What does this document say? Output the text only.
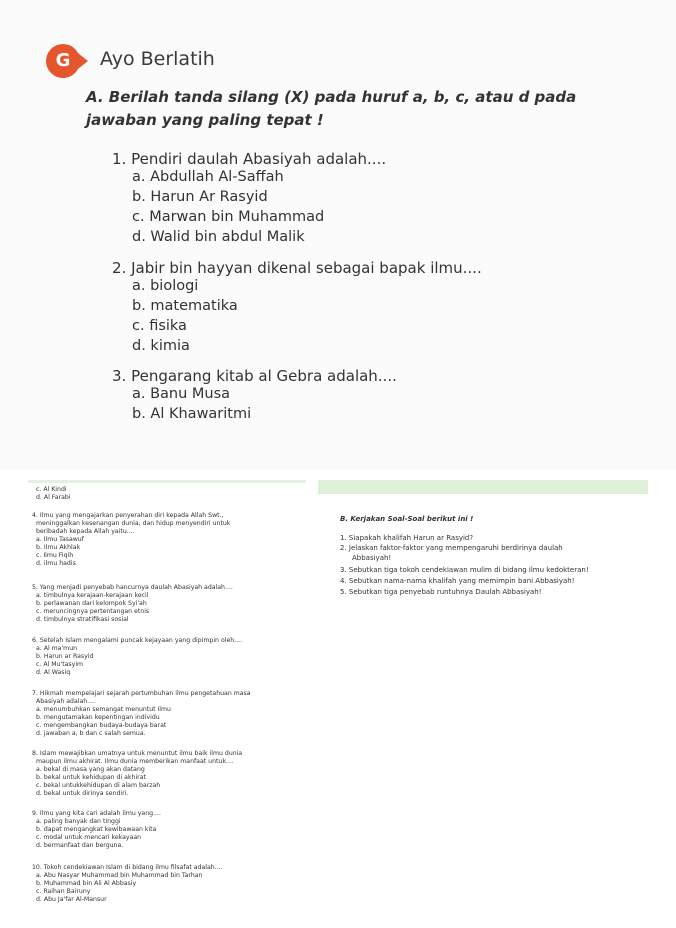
G	Ayo Berlatih
A. Berilah tanda silang (X) pada huruf a, b, c, atau d pada jawaban yang paling tepat !
1. Pendiri daulah Abasiyah adalah....
a. Abdullah Al-Saffah
b. Harun Ar Rasyid
c. Marwan bin Muhammad
d. Walid bin abdul Malik
2. Jabir bin hayyan dikenal sebagai bapak ilmu....
a. biologi
b. matematika
c. fisika
d. kimia
3. Pengarang kitab al Gebra adalah....
a. Banu Musa
b. Al Khawaritmi
c. Al Kindi
d. Al Farabi
4. Ilmu yang mengajarkan penyerahan diri kepada Allah Swt.,
meninggalkan kesenangan dunia, dan hidup menyendiri untuk
beribadah kepada Allah yaitu....
a. Ilmu Tasawuf
b. Ilmu Akhlak
c. Ilmu Fiqih
d. ilmu hadis
5. Yang menjadi penyebab hancurnya daulah Abasiyah adalah....
a. timbulnya kerajaan-kerajaan kecil
b. perlawanan dari kelompok Syi'ah
c. meruncingnya pertentangan etnis
d. timbulnya stratifikasi sosial
6. Setelah Islam mengalami puncak kejayaan yang dipimpin oleh....
a. Al ma'mun
b. Harun ar Rasyid
c. Al Mu'tasyim
d. Al Wasiq
7. Hikmah mempelajari sejarah pertumbuhan ilmu pengetahuan masa
Abasiyah adalah....
a. menumbuhkan semangat menuntut ilmu
b. mengutamakan kepentingan individu
c. mengembangkan budaya-budaya barat
d. jawaban a, b dan c salah semua.
8. Islam mewajibkan umatnya untuk menuntut ilmu baik ilmu dunia
maupun ilmu akhirat. Ilmu dunia memberikan manfaat untuk....
a. bekal di masa yang akan datang
b. bekal untuk kehidupan di akhirat
c. bekal untukkehidupan di alam barzah
d. bekal untuk dirinya sendiri.
9. Ilmu yang kita cari adalah ilmu yang....
a. paling banyak dan tinggi
b. dapat mengangkat kewibawaan kita
c. modal untuk mencari kekayaan
d. bermanfaat dan berguna.
10. Tokoh cendekiawan Islam di bidang ilmu filsafat adalah....
a. Abu Nasyar Muhammad bin Muhammad bin Tarhan
b. Muhammad bin Ali Al Abbasiy
c. Raihan Bairuny
d. Abu Ja'far Al-Mansur
B. Kerjakan Soal-Soal berikut ini !
1. Siapakah khalifah Harun ar Rasyid?
2. Jelaskan faktor-faktor yang mempengaruhi berdirinya daulah
Abbasiyah!
3. Sebutkan tiga tokoh cendekiawan mulim di bidang ilmu kedokteran!
4. Sebutkan nama-nama khalifah yang memimpin bani Abbasiyah!
5. Sebutkan tiga penyebab runtuhnya Daulah Abbasiyah!
